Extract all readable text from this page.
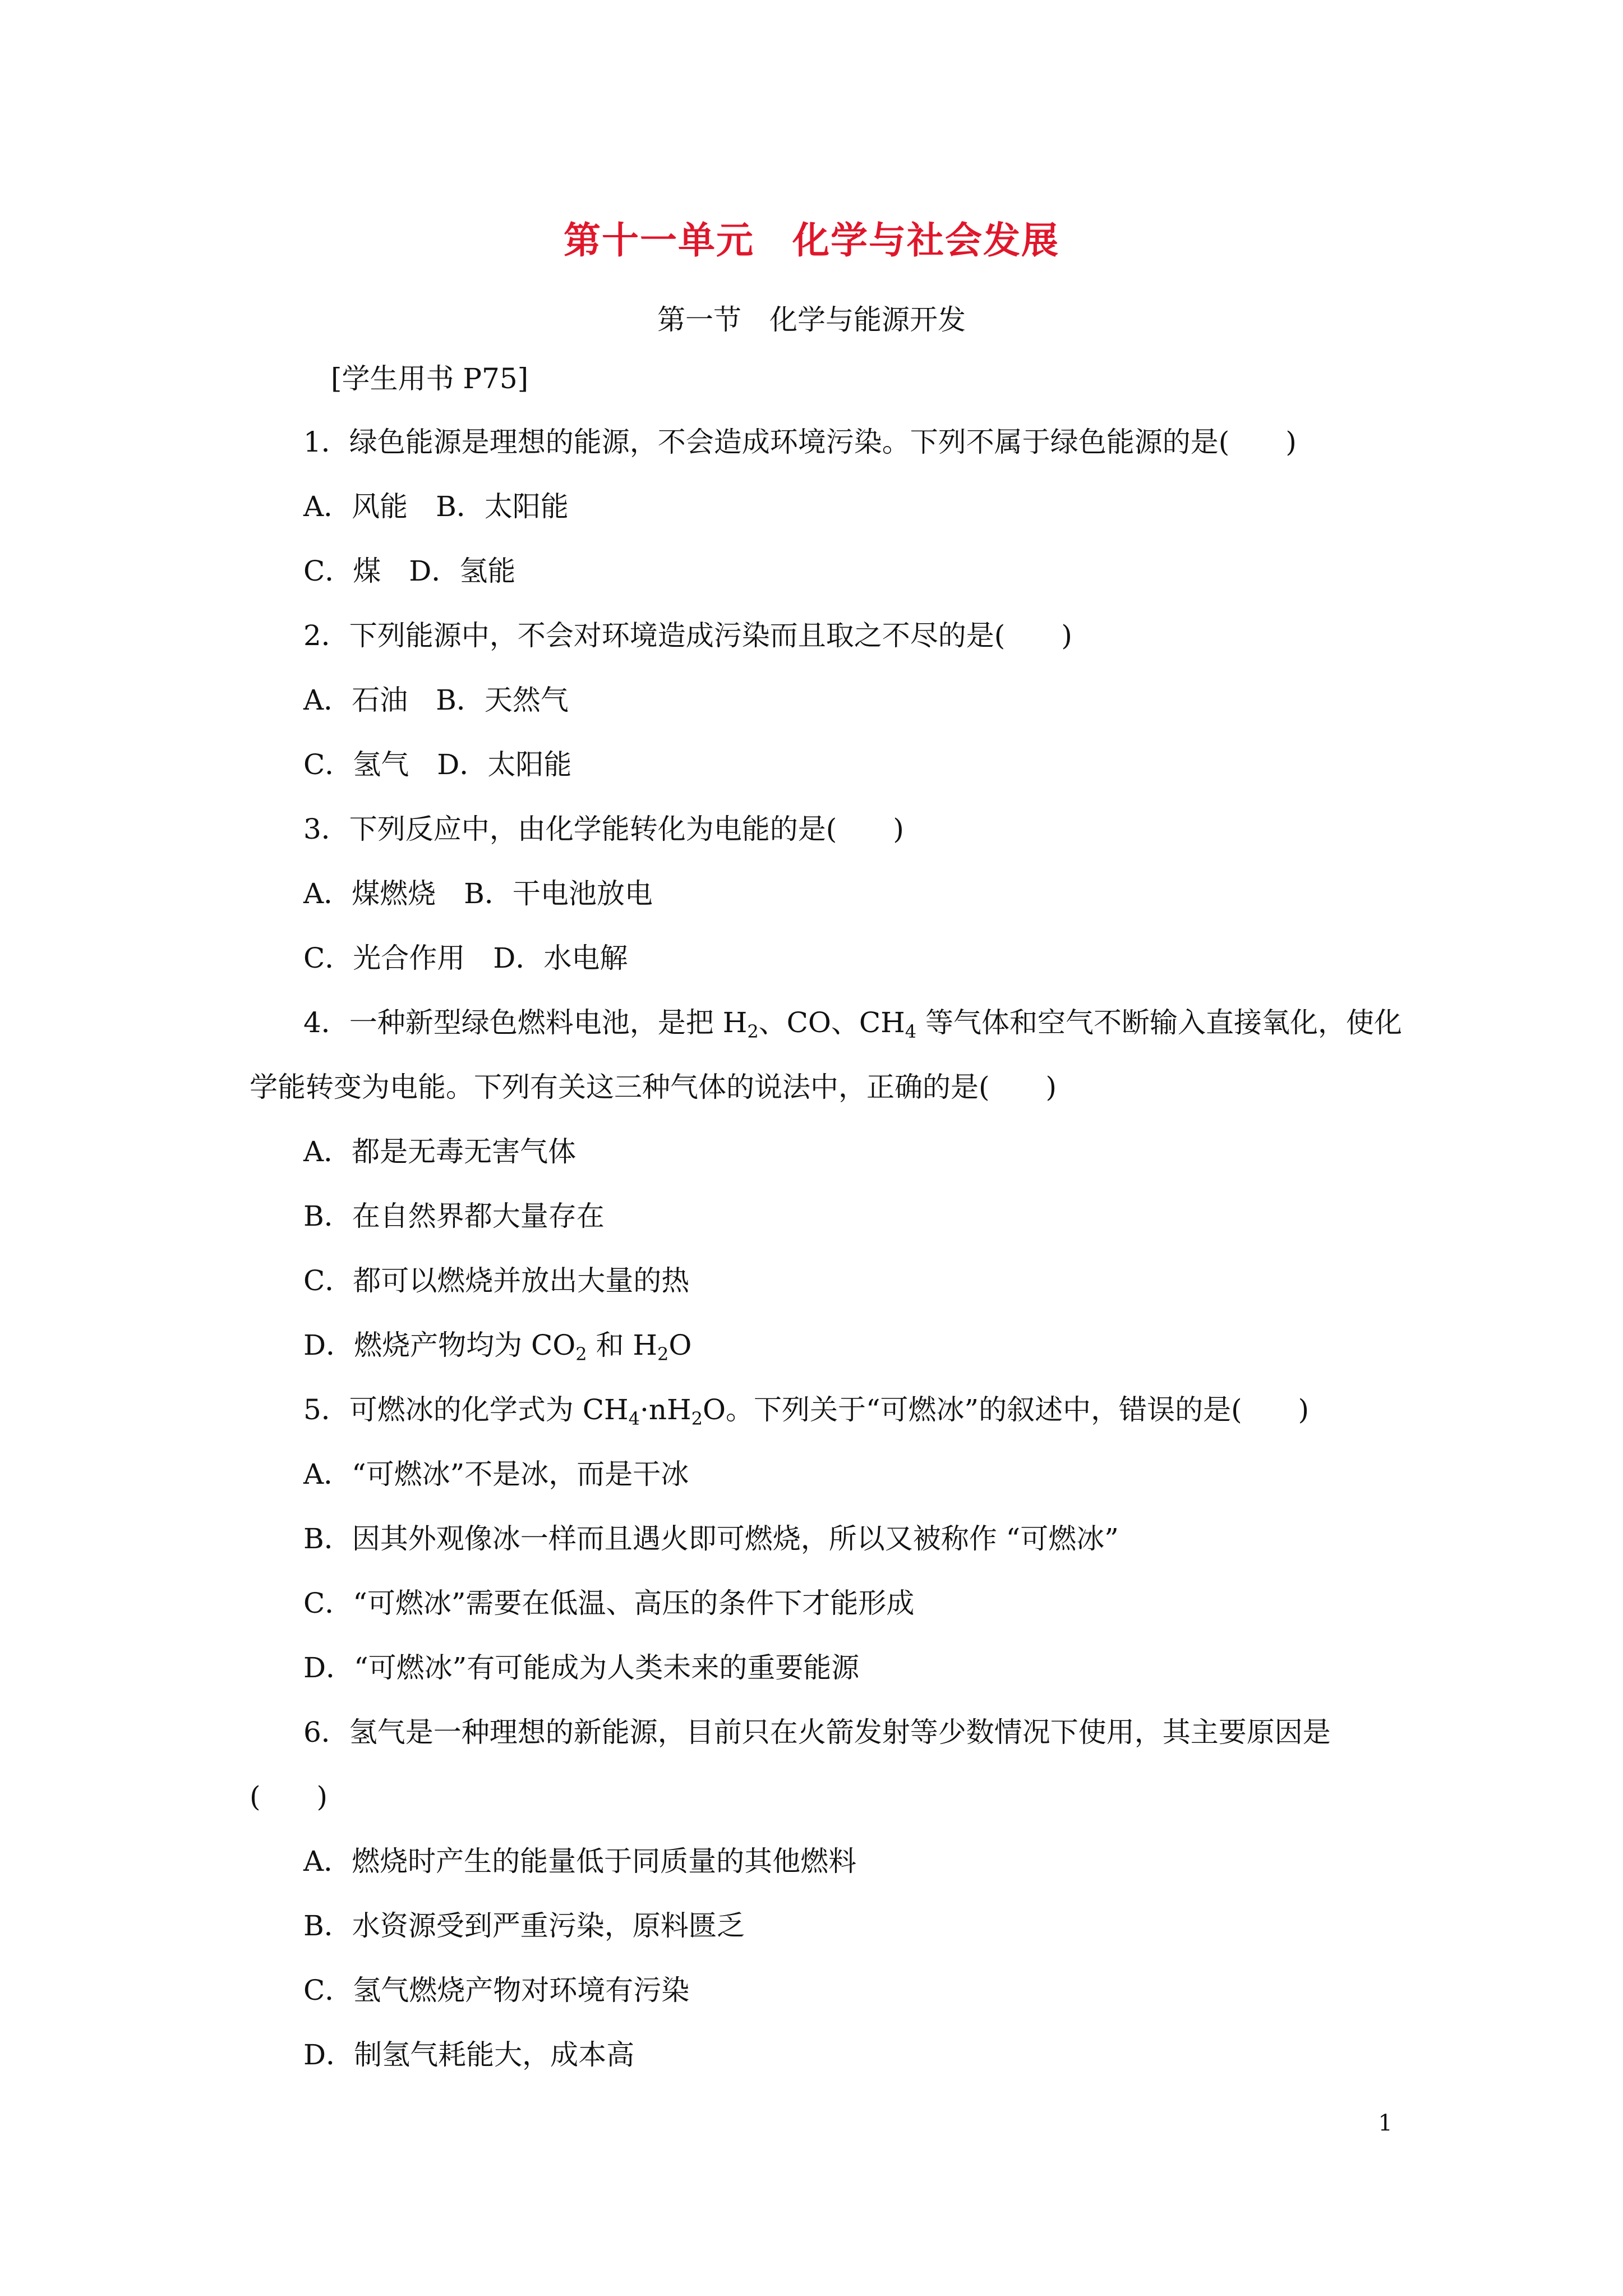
第十一单元　化学与社会发展
第一节　化学与能源开发
[学生用书 P75]
1．绿色能源是理想的能源，不会造成环境污染。下列不属于绿色能源的是(　　)
A．风能　B．太阳能
C．煤　D．氢能
2．下列能源中，不会对环境造成污染而且取之不尽的是(　　)
A．石油　B．天然气
C．氢气　D．太阳能
3．下列反应中，由化学能转化为电能的是(　　)
A．煤燃烧　B．干电池放电
C．光合作用　D．水电解
4．一种新型绿色燃料电池，是把 $H_2$、CO、$CH_4$ 等气体和空气不断输入直接氧化，使化
学能转变为电能。下列有关这三种气体的说法中，正确的是(　　)
A．都是无毒无害气体
B．在自然界都大量存在
C．都可以燃烧并放出大量的热
D．燃烧产物均为 $CO_2$ 和 $H_2O$
5．可燃冰的化学式为 $CH_4\cdot nH_2O$。下列关于“可燃冰”的叙述中，错误的是(　　)
A．“可燃冰”不是冰，而是干冰
B．因其外观像冰一样而且遇火即可燃烧，所以又被称作 “可燃冰”
C．“可燃冰”需要在低温、高压的条件下才能形成
D．“可燃冰”有可能成为人类未来的重要能源
6．氢气是一种理想的新能源，目前只在火箭发射等少数情况下使用，其主要原因是
(　　)
A．燃烧时产生的能量低于同质量的其他燃料
B．水资源受到严重污染，原料匮乏
C．氢气燃烧产物对环境有污染
D．制氢气耗能大，成本高
1
